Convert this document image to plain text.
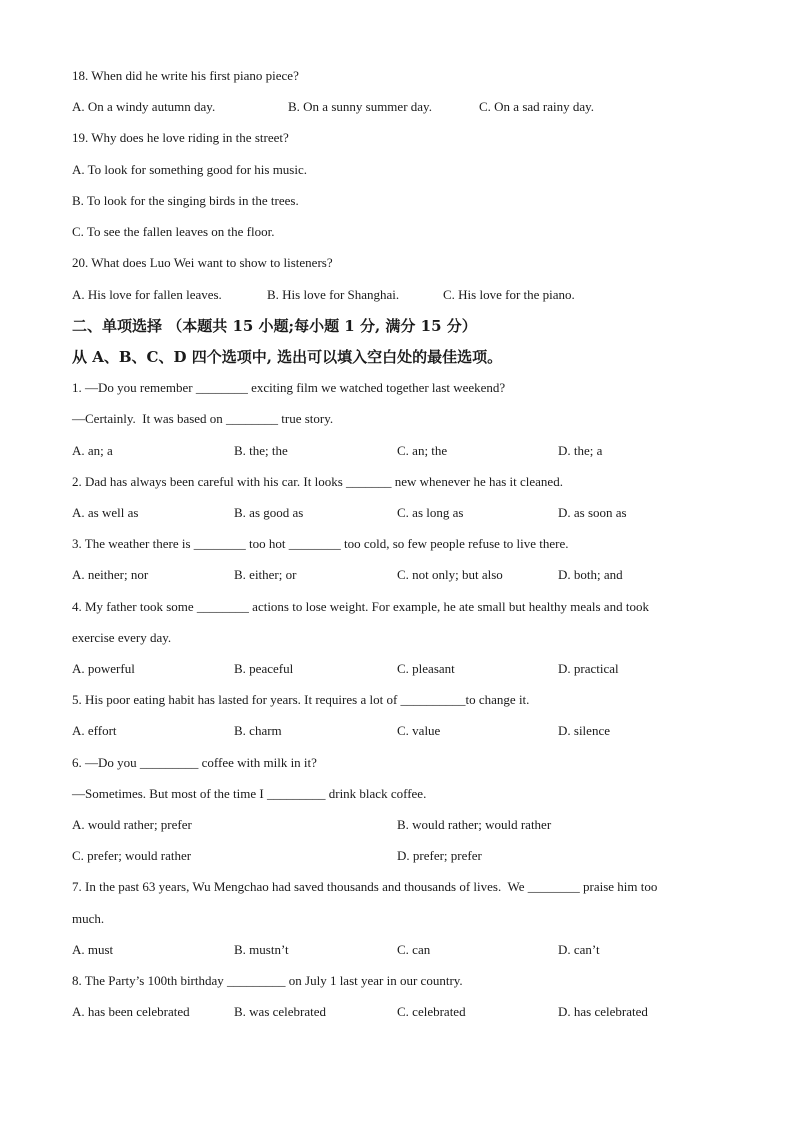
18. When did he write his first piano piece?
A. On a windy autumn day.	B. On a sunny summer day.	C. On a sad rainy day.
19. Why does he love riding in the street?
A. To look for something good for his music.
B. To look for the singing birds in the trees.
C. To see the fallen leaves on the floor.
20. What does Luo Wei want to show to listeners?
A. His love for fallen leaves.	B. His love for Shanghai.	C. His love for the piano.
二、单项选择 （本题共 15 小题;每小题 1 分, 满分 15 分）
从 A、B、C、D 四个选项中, 选出可以填入空白处的最佳选项。
1. —Do you remember ________ exciting film we watched together last weekend?
—Certainly.  It was based on ________ true story.
A. an; a	B. the; the	C. an; the	D. the; a
2. Dad has always been careful with his car. It looks _______ new whenever he has it cleaned.
A. as well as	B. as good as	C. as long as	D. as soon as
3. The weather there is ________ too hot ________ too cold, so few people refuse to live there.
A. neither; nor	B. either; or	C. not only; but also	D. both; and
4. My father took some ________ actions to lose weight. For example, he ate small but healthy meals and took
exercise every day.
A. powerful	B. peaceful	C. pleasant	D. practical
5. His poor eating habit has lasted for years. It requires a lot of __________to change it.
A. effort	B. charm	C. value	D. silence
6. —Do you _________ coffee with milk in it?
—Sometimes. But most of the time I _________ drink black coffee.
A. would rather; prefer	B. would rather; would rather
C. prefer; would rather	D. prefer; prefer
7. In the past 63 years, Wu Mengchao had saved thousands and thousands of lives.  We ________ praise him too
much.
A. must	B. mustn’t	C. can	D. can’t
8. The Party’s 100th birthday _________ on July 1 last year in our country.
A. has been celebrated	B. was celebrated	C. celebrated	D. has celebrated
